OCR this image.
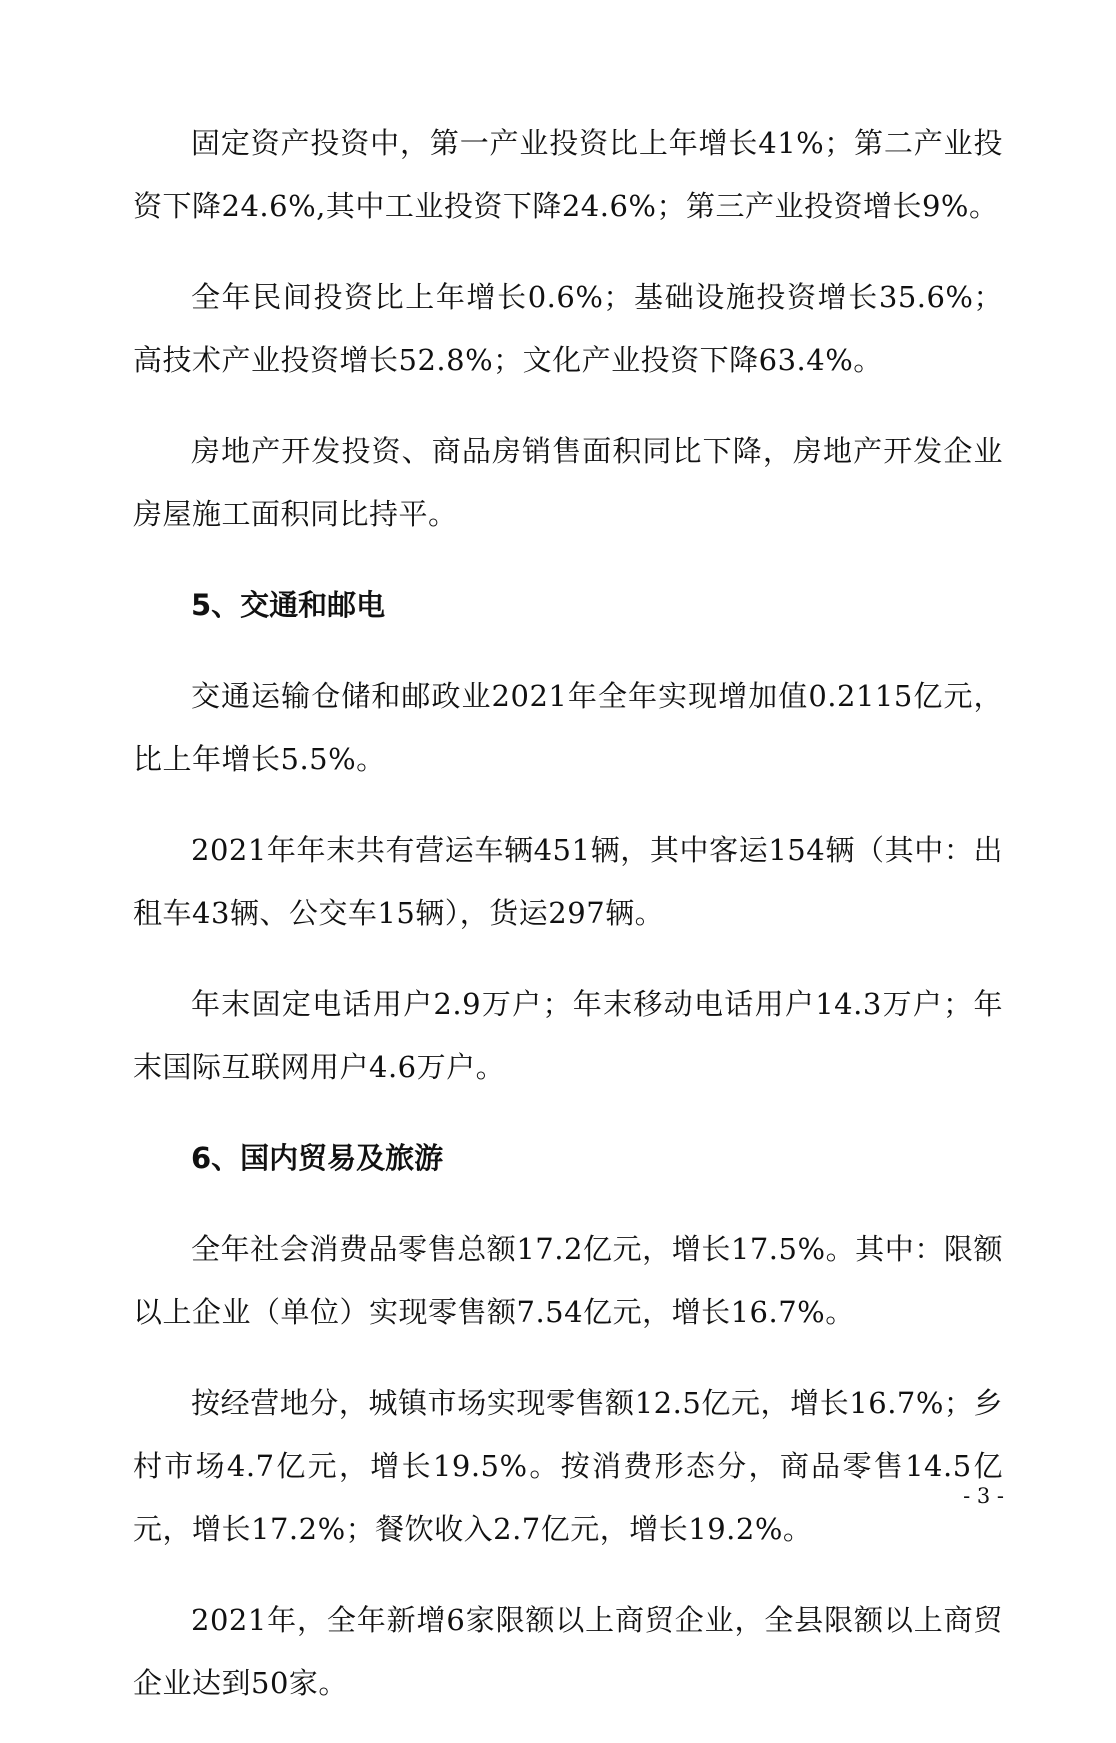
固定资产投资中，第一产业投资比上年增长41%；第二产业投资下降24.6%,其中工业投资下降24.6%；第三产业投资增长9%。

全年民间投资比上年增长0.6%；基础设施投资增长35.6%；高技术产业投资增长52.8%；文化产业投资下降63.4%。

房地产开发投资、商品房销售面积同比下降，房地产开发企业房屋施工面积同比持平。

5、交通和邮电

交通运输仓储和邮政业2021年全年实现增加值0.2115亿元，比上年增长5.5%。

2021年年末共有营运车辆451辆，其中客运154辆（其中：出租车43辆、公交车15辆），货运297辆。

年末固定电话用户2.9万户；年末移动电话用户14.3万户；年末国际互联网用户4.6万户。

6、国内贸易及旅游

全年社会消费品零售总额17.2亿元，增长17.5%。其中：限额以上企业（单位）实现零售额7.54亿元，增长16.7%。

按经营地分，城镇市场实现零售额12.5亿元，增长16.7%；乡村市场4.7亿元，增长19.5%。按消费形态分，商品零售14.5亿元，增长17.2%；餐饮收入2.7亿元，增长19.2%。

2021年，全年新增6家限额以上商贸企业，全县限额以上商贸企业达到50家。

- 3 -
